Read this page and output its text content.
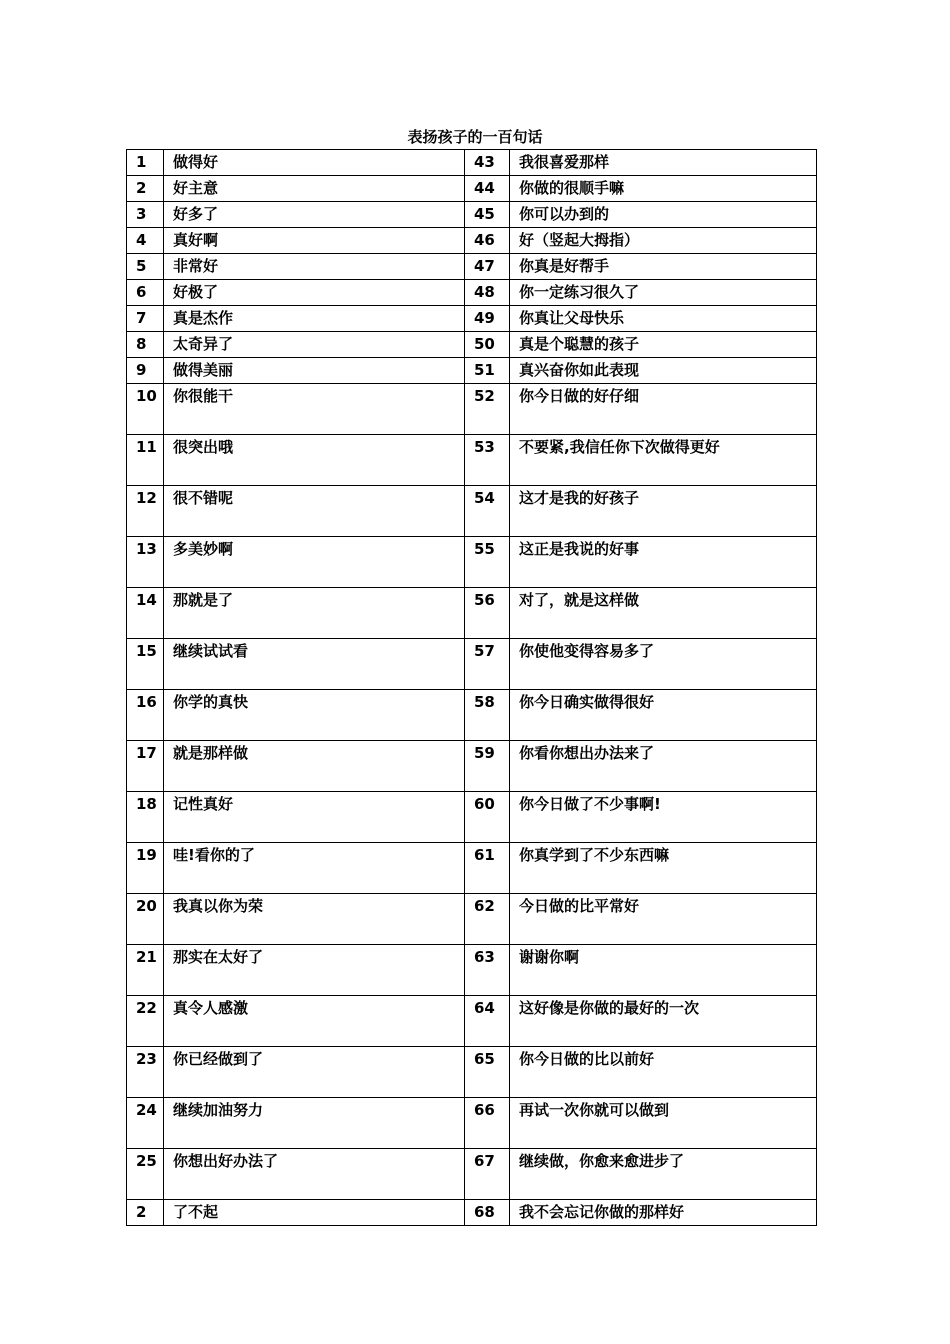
表扬孩子的一百句话
1	做得好	43	我很喜爱那样
2	好主意	44	你做的很顺手嘛
3	好多了	45	你可以办到的
4	真好啊	46	好（竖起大拇指）
5	非常好	47	你真是好帮手
6	好极了	48	你一定练习很久了
7	真是杰作	49	你真让父母快乐
8	太奇异了	50	真是个聪慧的孩子
9	做得美丽	51	真兴奋你如此表现
10	你很能干	52	你今日做的好仔细
11	很突出哦	53	不要紧,我信任你下次做得更好
12	很不错呢	54	这才是我的好孩子
13	多美妙啊	55	这正是我说的好事
14	那就是了	56	对了，就是这样做
15	继续试试看	57	你使他变得容易多了
16	你学的真快	58	你今日确实做得很好
17	就是那样做	59	你看你想出办法来了
18	记性真好	60	你今日做了不少事啊!
19	哇!看你的了	61	你真学到了不少东西嘛
20	我真以你为荣	62	今日做的比平常好
21	那实在太好了	63	谢谢你啊
22	真令人感激	64	这好像是你做的最好的一次
23	你已经做到了	65	你今日做的比以前好
24	继续加油努力	66	再试一次你就可以做到
25	你想出好办法了	67	继续做，你愈来愈进步了
2	了不起	68	我不会忘记你做的那样好
